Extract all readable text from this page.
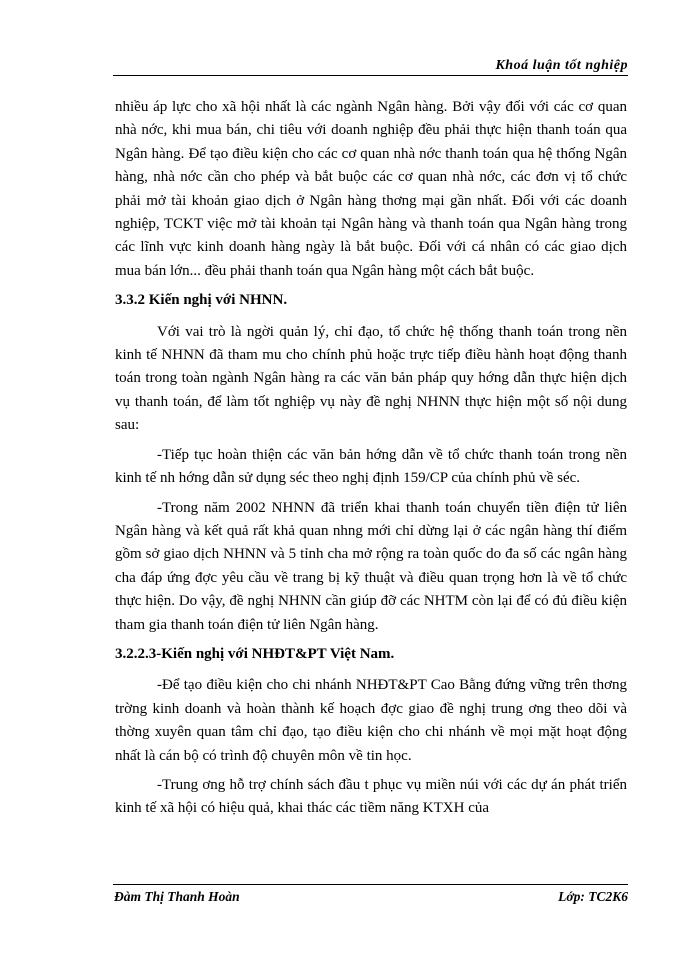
Khoá luận tốt nghiệp

nhiều áp lực cho xã hội nhất là các ngành Ngân hàng. Bởi vậy đối với các cơ quan nhà nớc, khi mua bán, chi tiêu với doanh nghiệp đều phải thực hiện thanh toán qua Ngân hàng. Để tạo điều kiện cho các cơ quan nhà nớc thanh toán qua hệ thống Ngân hàng, nhà nớc cần cho phép và bắt buộc các cơ quan nhà nớc, các đơn vị tổ chức phải mở tài khoản giao dịch ở Ngân hàng thơng mại gần nhất. Đối với các doanh nghiệp, TCKT việc mở tài khoản tại Ngân hàng và thanh toán qua Ngân hàng trong các lĩnh vực kinh doanh hàng ngày là bắt buộc. Đối với cá nhân có các giao dịch mua bán lớn... đều phải thanh toán qua Ngân hàng một cách bắt buộc.

3.3.2 Kiến nghị với NHNN.

Với vai trò là ngời quản lý, chỉ đạo, tổ chức hệ thống thanh toán trong nền kinh tế NHNN đã tham mu cho chính phủ hoặc trực tiếp điều hành hoạt động thanh toán trong toàn ngành Ngân hàng ra các văn bản pháp quy hớng dẫn thực hiện dịch vụ thanh toán, để làm tốt nghiệp vụ này đề nghị NHNN thực hiện một số nội dung sau:

-Tiếp tục hoàn thiện các văn bản hớng dẫn về tổ chức thanh toán trong nền kinh tế nh hớng dẫn sử dụng séc theo nghị định 159/CP của chính phủ về séc.

-Trong năm 2002 NHNN đã triển khai thanh toán chuyển tiền điện tử liên Ngân hàng và kết quả rất khả quan nhng mới chỉ dừng lại ở các ngân hàng thí điểm gồm sở giao dịch NHNN và 5 tỉnh cha mở rộng ra toàn quốc do đa số các ngân hàng cha đáp ứng đợc yêu cầu về trang bị kỹ thuật và điều quan trọng hơn là về tổ chức thực hiện. Do vậy, đề nghị NHNN cần giúp đỡ các NHTM còn lại để có đủ điều kiện tham gia thanh toán điện tử liên Ngân hàng.

3.2.2.3-Kiến nghị với NHĐT&PT Việt Nam.

-Để tạo điều kiện cho chi nhánh NHĐT&PT Cao Bằng đứng vững trên thơng trờng kinh doanh và hoàn thành kế hoạch đợc giao đề nghị trung ơng theo dõi và thờng xuyên quan tâm chỉ đạo, tạo điều kiện cho chi nhánh về mọi mặt hoạt động nhất là cán bộ có trình độ chuyên môn về tin học.

-Trung ơng hỗ trợ chính sách đầu t phục vụ miền núi với các dự án phát triển kinh tế xã hội có hiệu quả, khai thác các tiềm năng KTXH của

Đàm Thị Thanh Hoàn	Lớp: TC2K6
